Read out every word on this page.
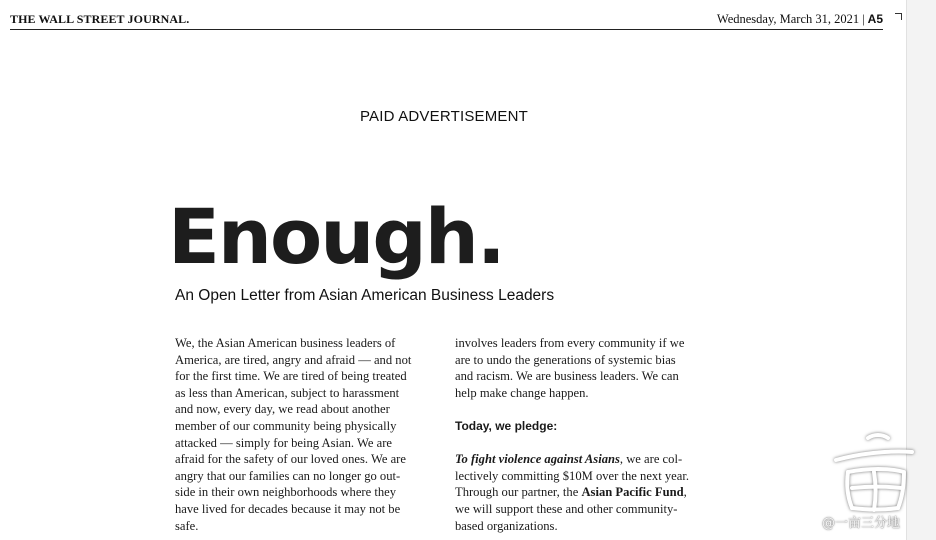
THE WALL STREET JOURNAL.	Wednesday, March 31, 2021 | A5
PAID ADVERTISEMENT
Enough.
An Open Letter from Asian American Business Leaders

We, the Asian American business leaders of
America, are tired, angry and afraid — and not
for the first time. We are tired of being treated
as less than American, subject to harassment
and now, every day, we read about another
member of our community being physically
attacked — simply for being Asian. We are
afraid for the safety of our loved ones. We are
angry that our families can no longer go out-
side in their own neighborhoods where they
have lived for decades because it may not be
safe.

involves leaders from every community if we
are to undo the generations of systemic bias
and racism. We are business leaders. We can
help make change happen.

Today, we pledge:

To fight violence against Asians, we are col-
lectively committing $10M over the next year.
Through our partner, the Asian Pacific Fund,
we will support these and other community-
based organizations.	@一亩三分地
